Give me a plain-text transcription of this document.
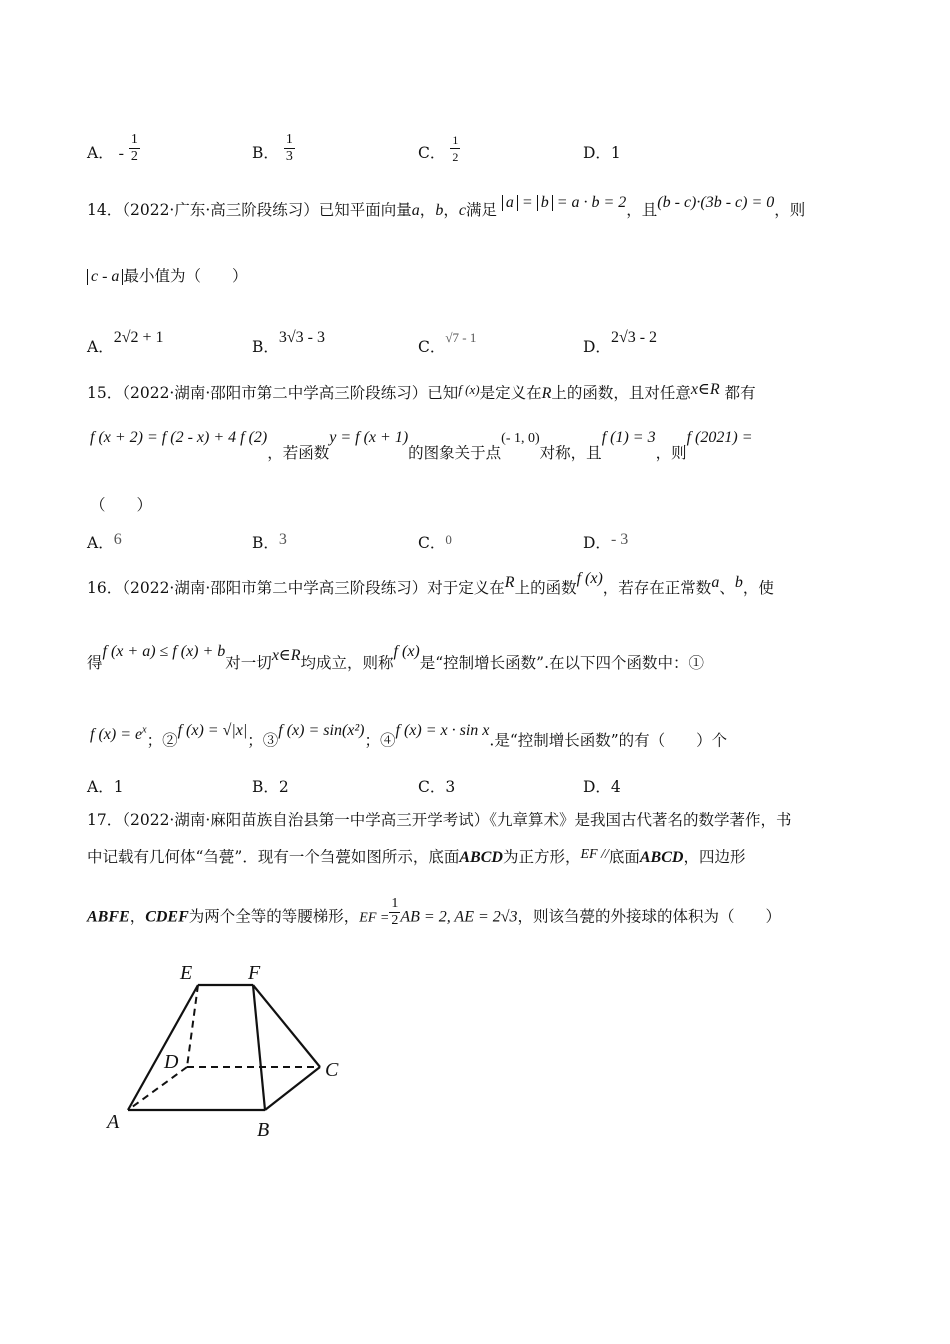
A． - $\frac{1}{2}$	B． $\frac{1}{3}$	C． $\frac{1}{2}$	D．1
14．（2022·广东·高三阶段练习）已知平面向量a，b，c满足 a = b = a · b = 2，且(b - c)·(3b - c) = 0，则
c - a 最小值为（　　）
A．2√2 + 1
B．3√3 - 3
C．$^{√7 - 1}$
D．2√3 - 2
15．（2022·湖南·邵阳市第二中学高三阶段练习）已知$^{f (x)}$是定义在R上的函数，且对任意x∈R 都有
f (x + 2) = f (2 - x) + 4 f (2)，若函数y = f (x + 1)的图象关于点(- 1, 0)对称，且f (1) = 3，则f (2021) =
（　　）
A．6	B．3	C．$^0$	D．- 3
16．（2022·湖南·邵阳市第二中学高三阶段练习）对于定义在R上的函数f (x)，若存在正常数a、b，使
得f (x + a) ≤ f (x) + b对一切x∈R均成立，则称f (x)是“控制增长函数”.在以下四个函数中：①
f $(x) = e^x$；②f (x) = √|x|；③f (x) = sin(x²)；④f (x) = x · sin x.是“控制增长函数”的有（　　）个
A．1	B．2	C．3	D．4
17．（2022·湖南·麻阳苗族自治县第一中学高三开学考试）《九章算术》是我国古代著名的数学著作，书
中记载有几何体“刍甍”．现有一个刍甍如图所示，底面ABCD为正方形，EF //底面ABCD，四边形
ABFE，CDEF为两个全等的等腰梯形，EF = $\frac{1}{2}$ AB = 2, AE = 2√3，则该刍甍的外接球的体积为（　　）
E	F
D	C
A	B
